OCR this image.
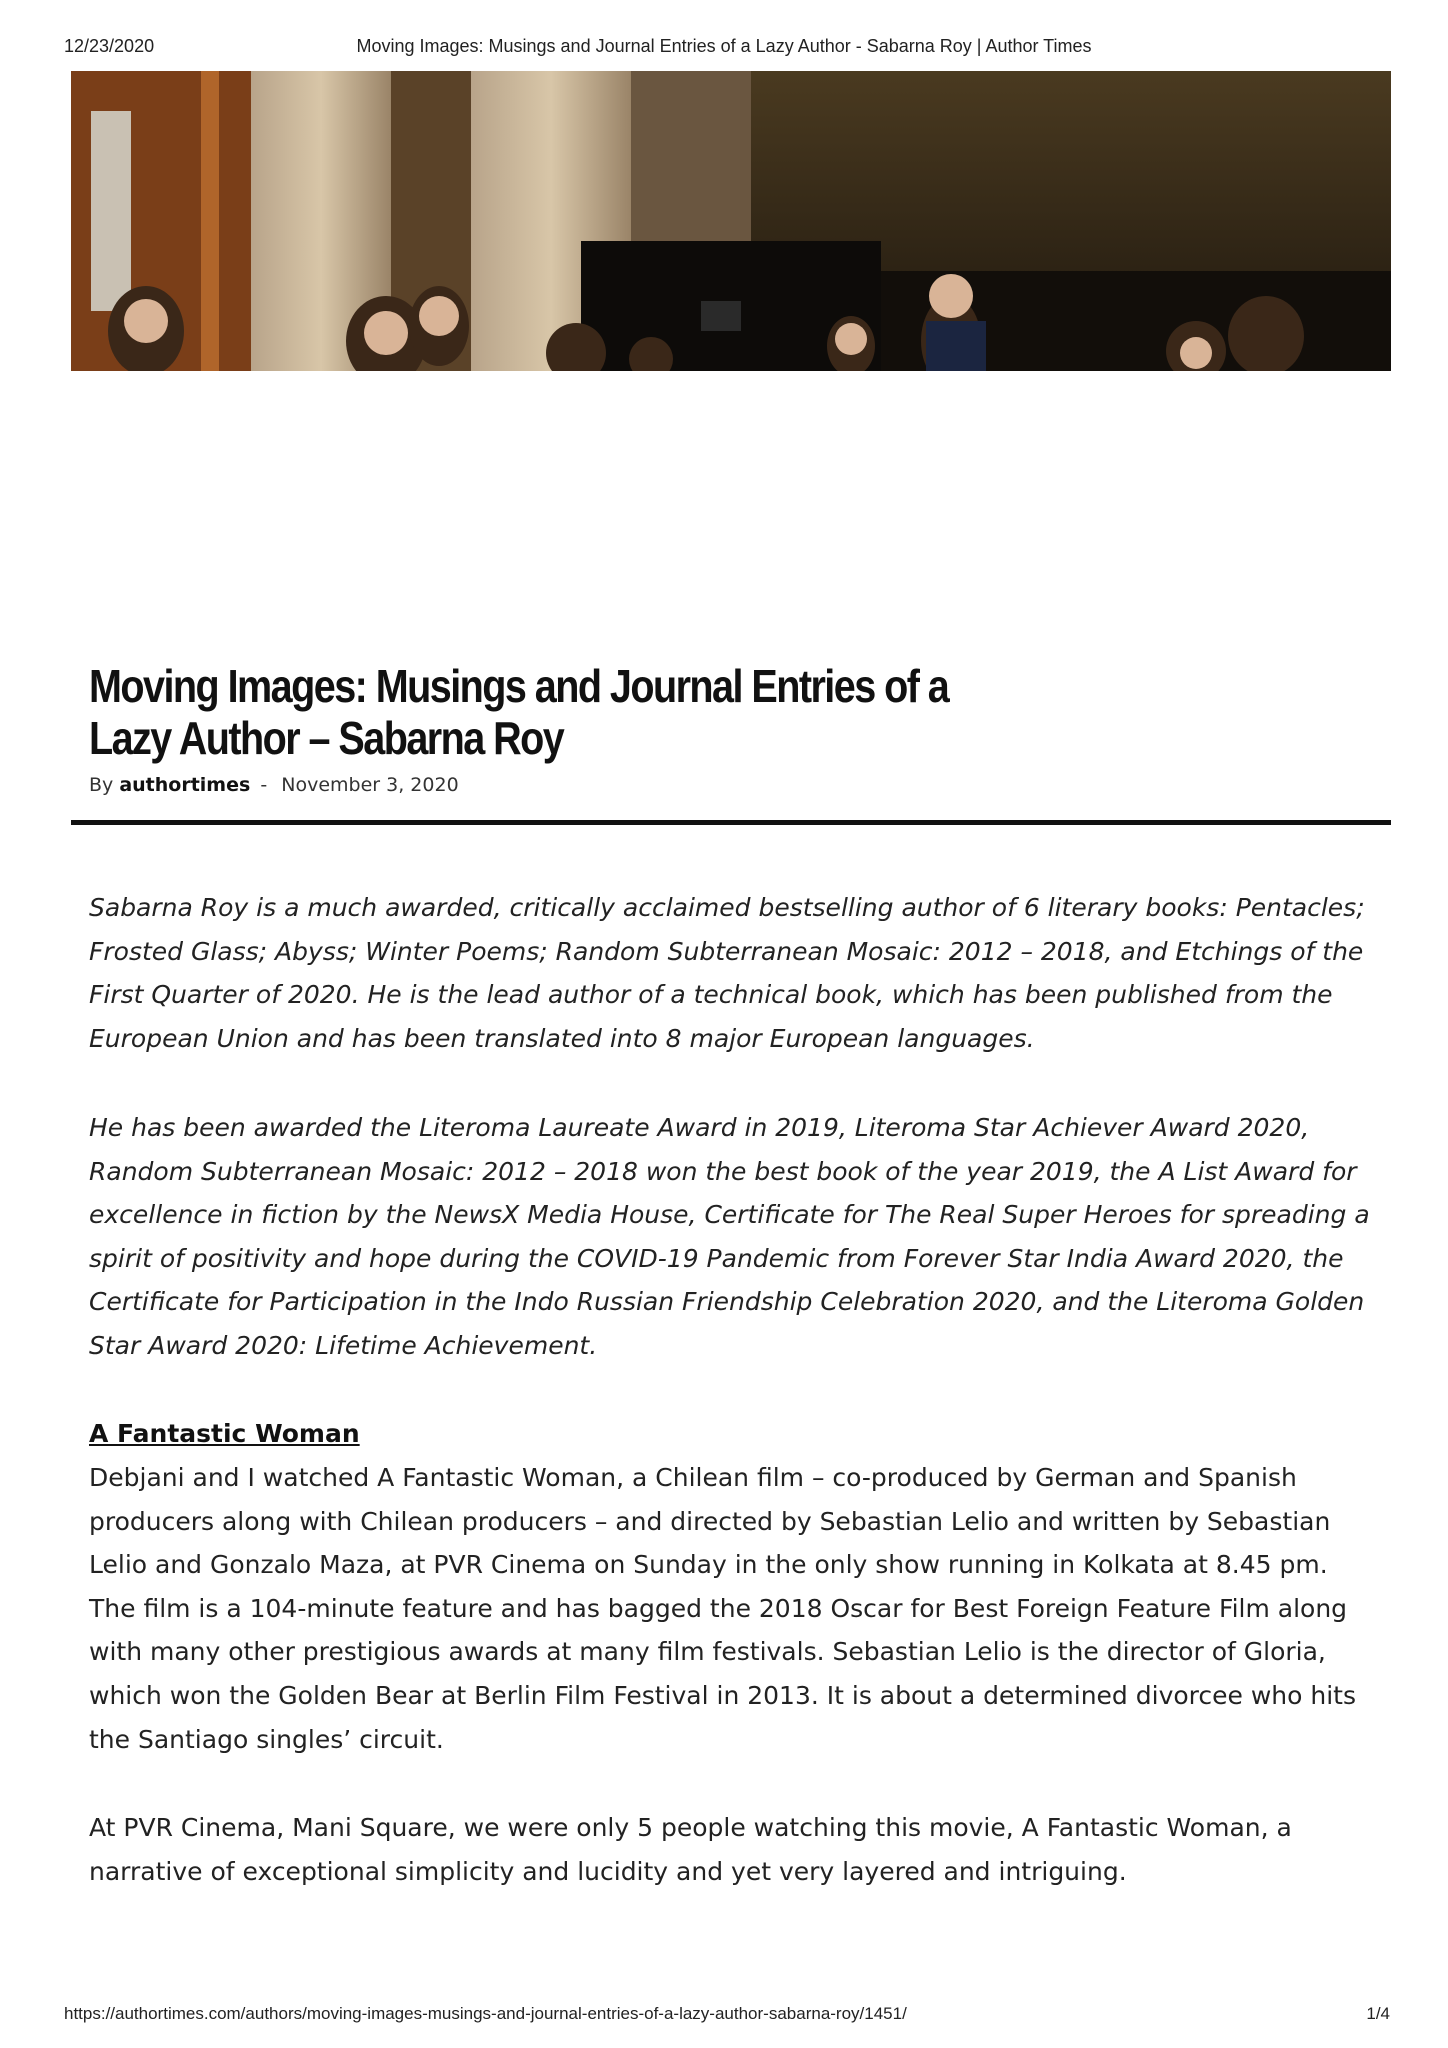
12/23/2020	Moving Images: Musings and Journal Entries of a Lazy Author - Sabarna Roy | Author Times
Moving Images: Musings and Journal Entries of a Lazy Author – Sabarna Roy
By authortimes - November 3, 2020

Sabarna Roy is a much awarded, critically acclaimed bestselling author of 6 literary books: Pentacles; Frosted Glass; Abyss; Winter Poems; Random Subterranean Mosaic: 2012 – 2018, and Etchings of the First Quarter of 2020. He is the lead author of a technical book, which has been published from the European Union and has been translated into 8 major European languages.

He has been awarded the Literoma Laureate Award in 2019, Literoma Star Achiever Award 2020, Random Subterranean Mosaic: 2012 – 2018 won the best book of the year 2019, the A List Award for excellence in fiction by the NewsX Media House, Certificate for The Real Super Heroes for spreading a spirit of positivity and hope during the COVID-19 Pandemic from Forever Star India Award 2020, the Certificate for Participation in the Indo Russian Friendship Celebration 2020, and the Literoma Golden Star Award 2020: Lifetime Achievement.

A Fantastic Woman

Debjani and I watched A Fantastic Woman, a Chilean film – co-produced by German and Spanish producers along with Chilean producers – and directed by Sebastian Lelio and written by Sebastian Lelio and Gonzalo Maza, at PVR Cinema on Sunday in the only show running in Kolkata at 8.45 pm. The film is a 104-minute feature and has bagged the 2018 Oscar for Best Foreign Feature Film along with many other prestigious awards at many film festivals. Sebastian Lelio is the director of Gloria, which won the Golden Bear at Berlin Film Festival in 2013. It is about a determined divorcee who hits the Santiago singles’ circuit.

At PVR Cinema, Mani Square, we were only 5 people watching this movie, A Fantastic Woman, a narrative of exceptional simplicity and lucidity and yet very layered and intriguing.

https://authortimes.com/authors/moving-images-musings-and-journal-entries-of-a-lazy-author-sabarna-roy/1451/	1/4
